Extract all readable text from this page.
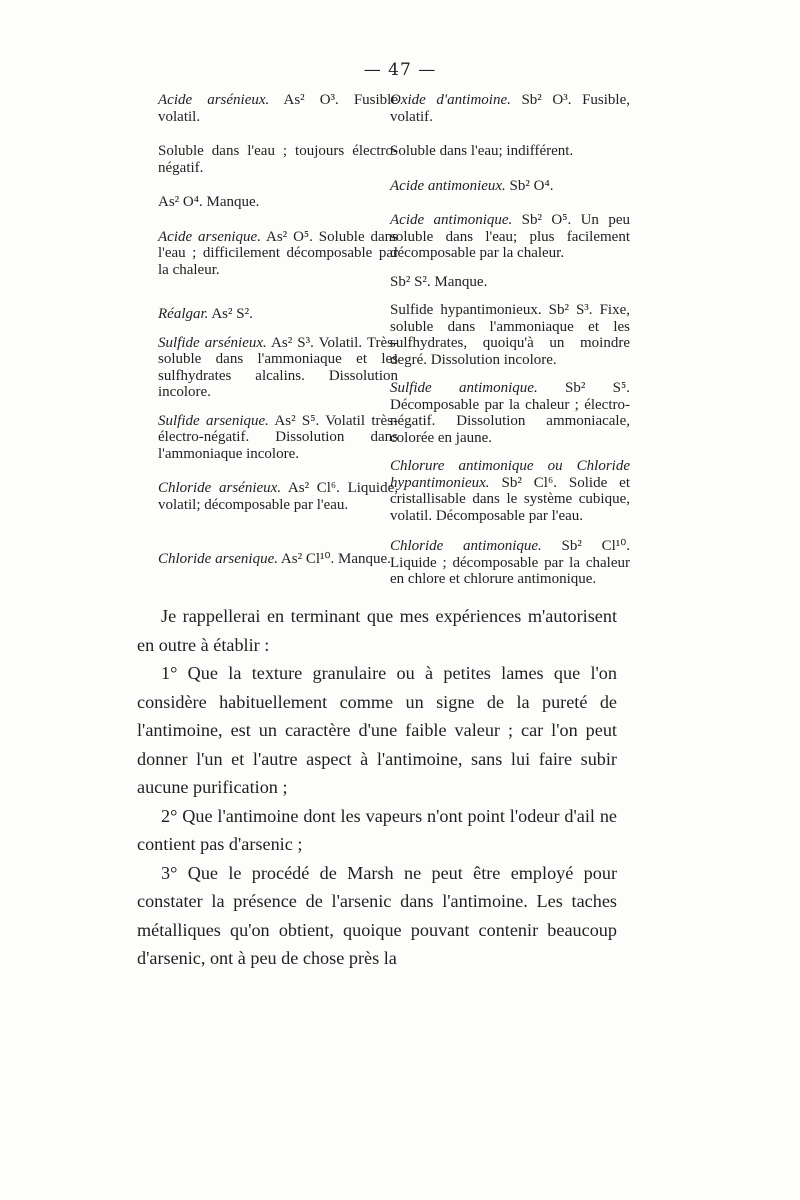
— 47 —

Acide arsénieux. As² O³. Fusible volatil.

Soluble dans l'eau ; toujours électro-négatif.

As² O⁴. Manque.

Acide arsenique. As² O⁵. Soluble dans l'eau ; difficilement décomposable par la chaleur.

Réalgar. As² S².

Sulfide arsénieux. As² S³. Volatil. Très-soluble dans l'ammoniaque et les sulfhydrates alcalins. Dissolution incolore.

Sulfide arsenique. As² S⁵. Volatil très-électro-négatif. Dissolution dans l'ammoniaque incolore.

Chloride arsénieux. As² Cl⁶. Liquide, volatil; décomposable par l'eau.

Chloride arsenique. As² Cl¹⁰. Manque.

Oxide d'antimoine. Sb² O³. Fusible, volatif.

Soluble dans l'eau; indifférent.

Acide antimonieux. Sb² O⁴.

Acide antimonique. Sb² O⁵. Un peu soluble dans l'eau; plus facilement décomposable par la chaleur.

Sb² S². Manque.

Sulfide hypantimonieux. Sb² S³. Fixe, soluble dans l'ammoniaque et les sulfhydrates, quoiqu'à un moindre degré. Dissolution incolore.

Sulfide antimonique. Sb² S⁵. Décomposable par la chaleur ; électro-négatif. Dissolution ammoniacale, colorée en jaune.

Chlorure antimonique ou Chloride hypantimonieux. Sb² Cl⁶. Solide et cristallisable dans le système cubique, volatil. Décomposable par l'eau.

Chloride antimonique. Sb² Cl¹⁰. Liquide ; décomposable par la chaleur en chlore et chlorure antimonique.

Je rappellerai en terminant que mes expériences m'autorisent en outre à établir :

1° Que la texture granulaire ou à petites lames que l'on considère habituellement comme un signe de la pureté de l'antimoine, est un caractère d'une faible valeur ; car l'on peut donner l'un et l'autre aspect à l'antimoine, sans lui faire subir aucune purification ;

2° Que l'antimoine dont les vapeurs n'ont point l'odeur d'ail ne contient pas d'arsenic ;

3° Que le procédé de Marsh ne peut être employé pour constater la présence de l'arsenic dans l'antimoine. Les taches métalliques qu'on obtient, quoique pouvant contenir beaucoup d'arsenic, ont à peu de chose près la
